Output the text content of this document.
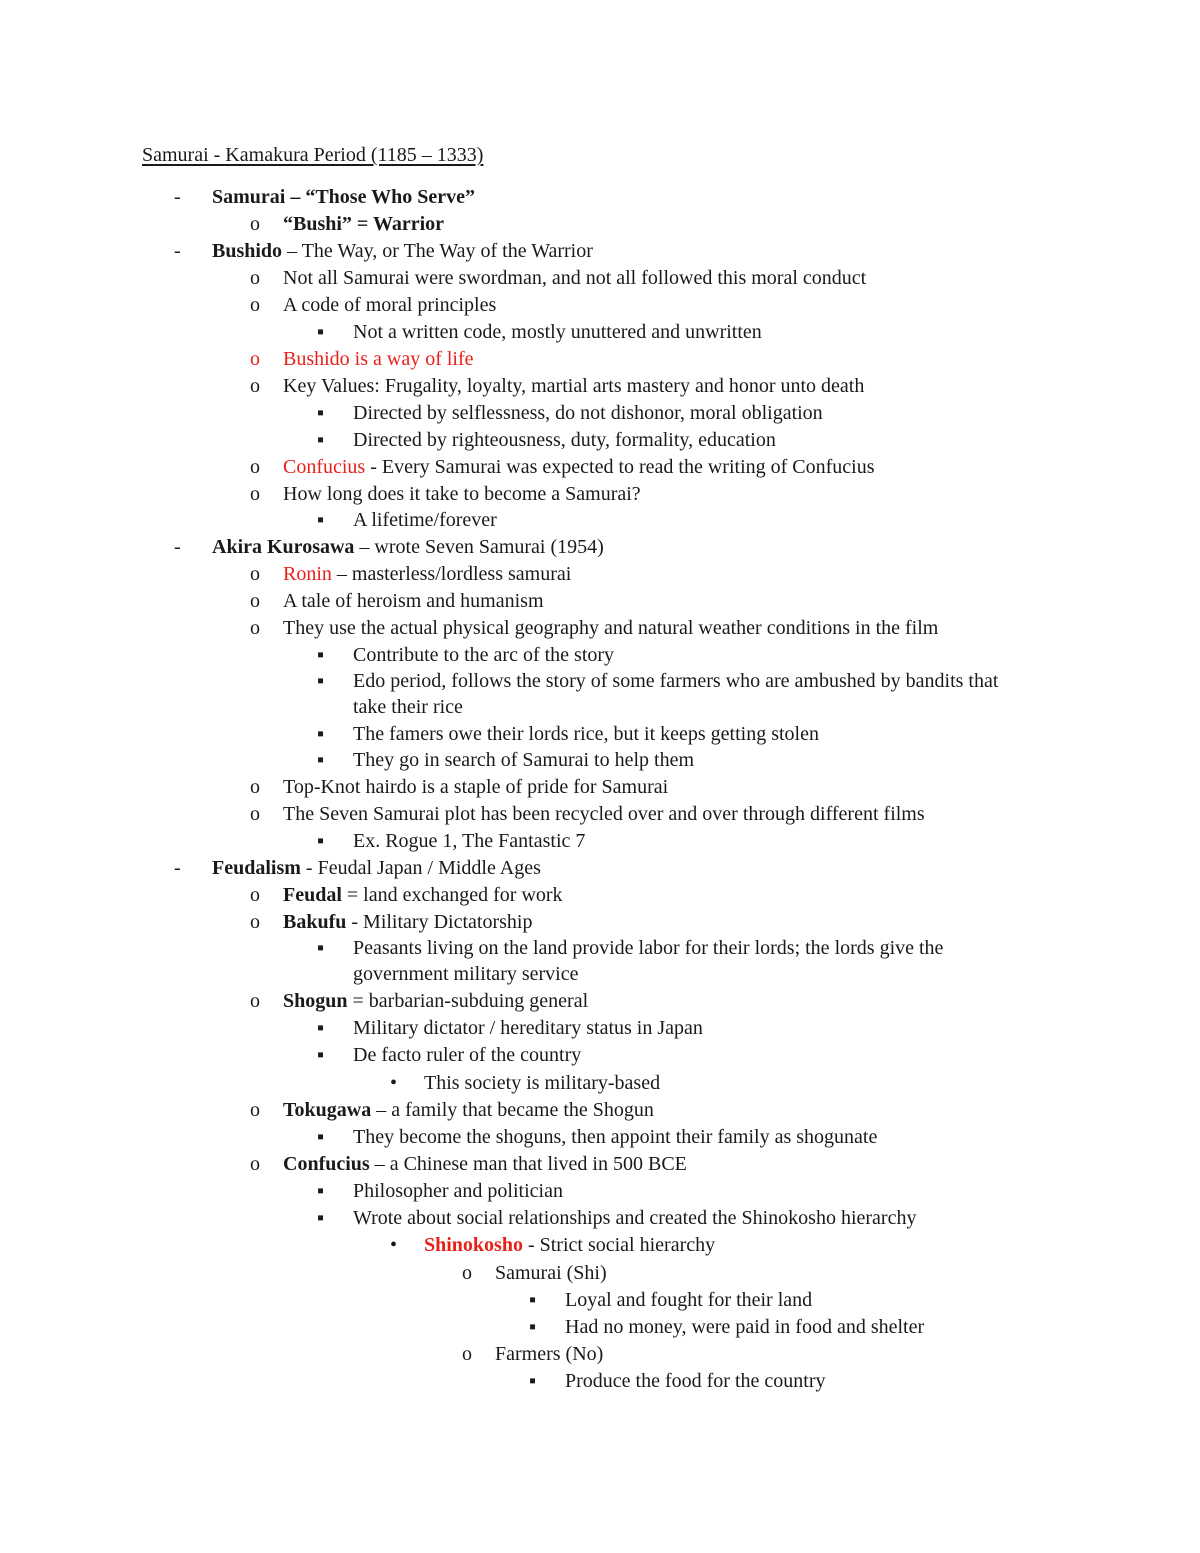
Samurai - Kamakura Period (1185 – 1333)
- Samurai – “Those Who Serve”
o “Bushi” = Warrior
- Bushido – The Way, or The Way of the Warrior
o Not all Samurai were swordman, and not all followed this moral conduct
o A code of moral principles
▪ Not a written code, mostly unuttered and unwritten
o Bushido is a way of life
o Key Values: Frugality, loyalty, martial arts mastery and honor unto death
▪ Directed by selflessness, do not dishonor, moral obligation
▪ Directed by righteousness, duty, formality, education
o Confucius - Every Samurai was expected to read the writing of Confucius
o How long does it take to become a Samurai?
▪ A lifetime/forever
- Akira Kurosawa – wrote Seven Samurai (1954)
o Ronin – masterless/lordless samurai
o A tale of heroism and humanism
o They use the actual physical geography and natural weather conditions in the film
▪ Contribute to the arc of the story
▪ Edo period, follows the story of some farmers who are ambushed by bandits that
take their rice
▪ The famers owe their lords rice, but it keeps getting stolen
▪ They go in search of Samurai to help them
o Top-Knot hairdo is a staple of pride for Samurai
o The Seven Samurai plot has been recycled over and over through different films
▪ Ex. Rogue 1, The Fantastic 7
- Feudalism - Feudal Japan / Middle Ages
o Feudal = land exchanged for work
o Bakufu - Military Dictatorship
▪ Peasants living on the land provide labor for their lords; the lords give the
government military service
o Shogun = barbarian-subduing general
▪ Military dictator / hereditary status in Japan
▪ De facto ruler of the country
• This society is military-based
o Tokugawa – a family that became the Shogun
▪ They become the shoguns, then appoint their family as shogunate
o Confucius – a Chinese man that lived in 500 BCE
▪ Philosopher and politician
▪ Wrote about social relationships and created the Shinokosho hierarchy
• Shinokosho - Strict social hierarchy
o Samurai (Shi)
▪ Loyal and fought for their land
▪ Had no money, were paid in food and shelter
o Farmers (No)
▪ Produce the food for the country
